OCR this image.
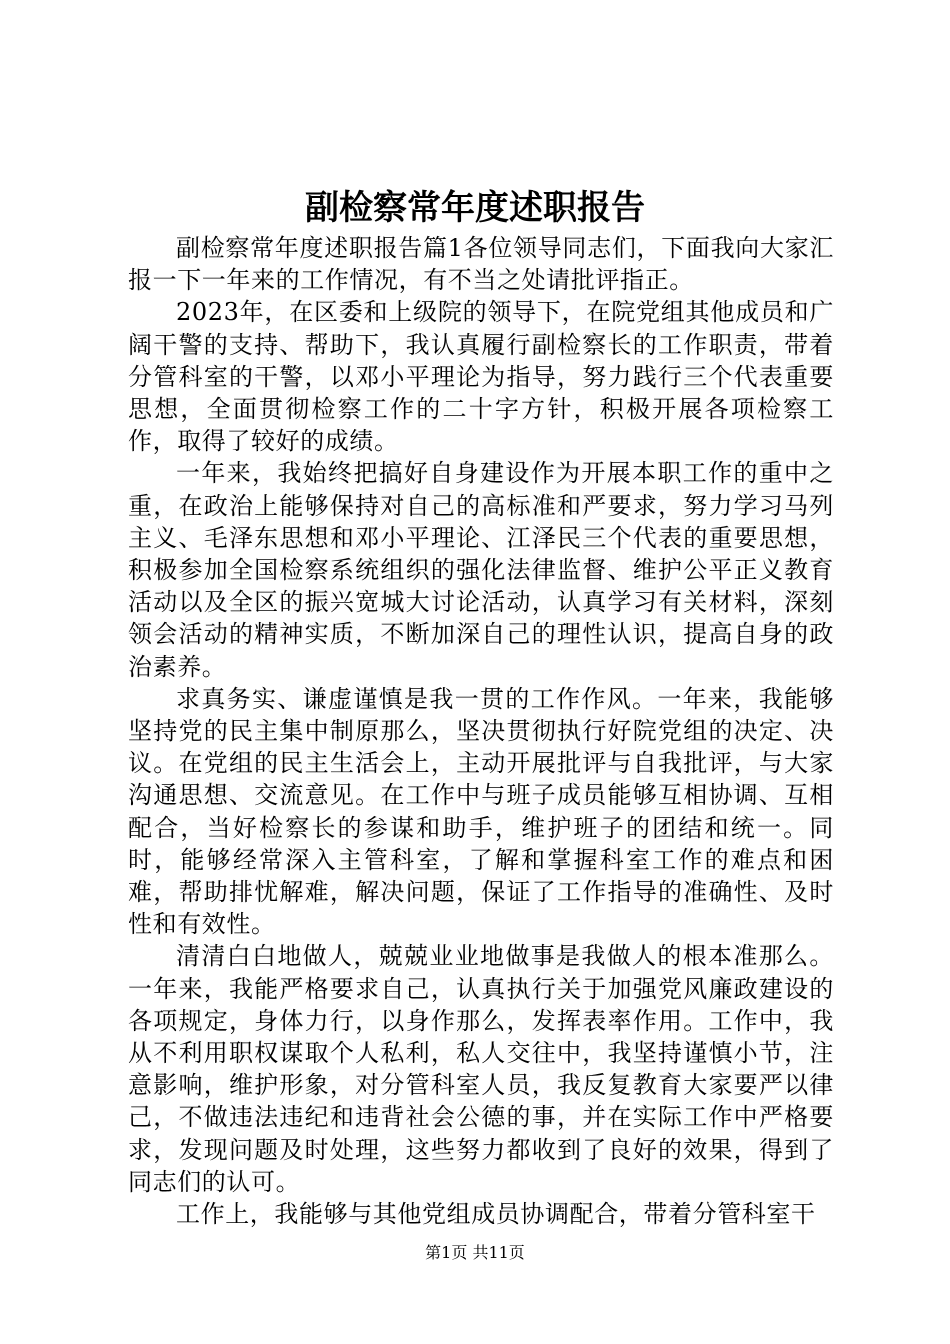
副检察常年度述职报告

副检察常年度述职报告篇1各位领导同志们，下面我向大家汇报一下一年来的工作情况，有不当之处请批评指正。

2023年，在区委和上级院的领导下，在院党组其他成员和广阔干警的支持、帮助下，我认真履行副检察长的工作职责，带着分管科室的干警，以邓小平理论为指导，努力践行三个代表重要思想，全面贯彻检察工作的二十字方针，积极开展各项检察工作，取得了较好的成绩。

一年来，我始终把搞好自身建设作为开展本职工作的重中之重，在政治上能够保持对自己的高标准和严要求，努力学习马列主义、毛泽东思想和邓小平理论、江泽民三个代表的重要思想，积极参加全国检察系统组织的强化法律监督、维护公平正义教育活动以及全区的振兴宽城大讨论活动，认真学习有关材料，深刻领会活动的精神实质，不断加深自己的理性认识，提高自身的政治素养。

求真务实、谦虚谨慎是我一贯的工作作风。一年来，我能够坚持党的民主集中制原那么，坚决贯彻执行好院党组的决定、决议。在党组的民主生活会上，主动开展批评与自我批评，与大家沟通思想、交流意见。在工作中与班子成员能够互相协调、互相配合，当好检察长的参谋和助手，维护班子的团结和统一。同时，能够经常深入主管科室，了解和掌握科室工作的难点和困难，帮助排忧解难，解决问题，保证了工作指导的准确性、及时性和有效性。

清清白白地做人，兢兢业业地做事是我做人的根本准那么。一年来，我能严格要求自己，认真执行关于加强党风廉政建设的各项规定，身体力行，以身作那么，发挥表率作用。工作中，我从不利用职权谋取个人私利，私人交往中，我坚持谨慎小节，注意影响，维护形象，对分管科室人员，我反复教育大家要严以律己，不做违法违纪和违背社会公德的事，并在实际工作中严格要求，发现问题及时处理，这些努力都收到了良好的效果，得到了同志们的认可。

工作上，我能够与其他党组成员协调配合，带着分管科室干

第1页 共11页
